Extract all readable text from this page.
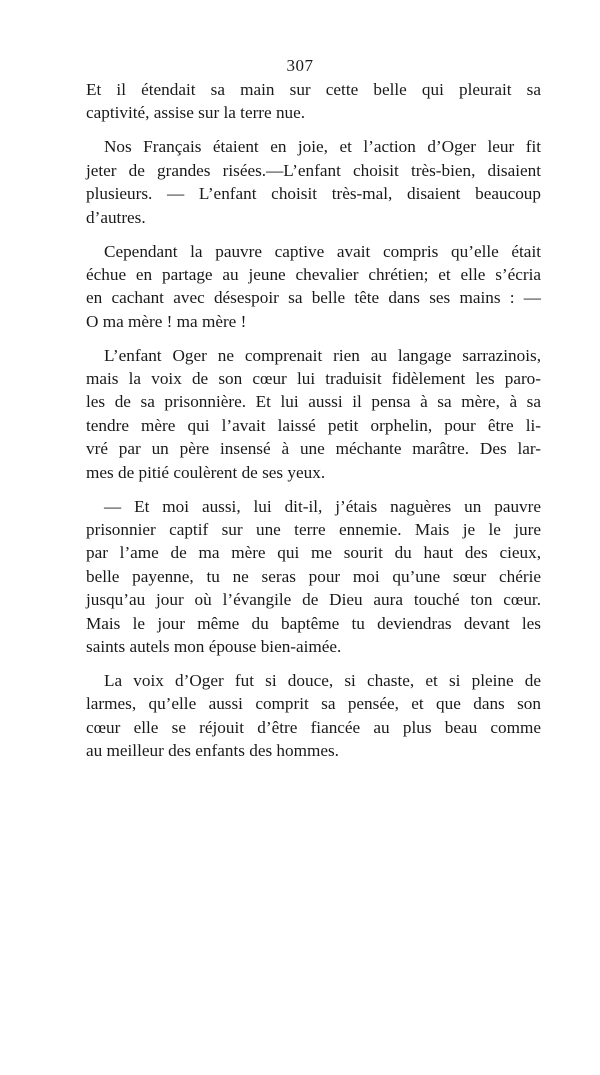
307
Et il étendait sa main sur cette belle qui pleurait sa
captivité, assise sur la terre nue.
Nos Français étaient en joie, et l’action d’Oger leur fit
jeter de grandes risées.—L’enfant choisit très-bien, disaient
plusieurs. — L’enfant choisit très-mal, disaient beaucoup
d’autres.
Cependant la pauvre captive avait compris qu’elle était
échue en partage au jeune chevalier chrétien; et elle s’écria
en cachant avec désespoir sa belle tête dans ses mains : —
O ma mère ! ma mère !
L’enfant Oger ne comprenait rien au langage sarrazinois,
mais la voix de son cœur lui traduisit fidèlement les paro-
les de sa prisonnière. Et lui aussi il pensa à sa mère, à sa
tendre mère qui l’avait laissé petit orphelin, pour être li-
vré par un père insensé à une méchante marâtre. Des lar-
mes de pitié coulèrent de ses yeux.
— Et moi aussi, lui dit-il, j’étais naguères un pauvre
prisonnier captif sur une terre ennemie. Mais je le jure
par l’ame de ma mère qui me sourit du haut des cieux,
belle payenne, tu ne seras pour moi qu’une sœur chérie
jusqu’au jour où l’évangile de Dieu aura touché ton cœur.
Mais le jour même du baptême tu deviendras devant les
saints autels mon épouse bien-aimée.
La voix d’Oger fut si douce, si chaste, et si pleine de
larmes, qu’elle aussi comprit sa pensée, et que dans son
cœur elle se réjouit d’être fiancée au plus beau comme
au meilleur des enfants des hommes.
